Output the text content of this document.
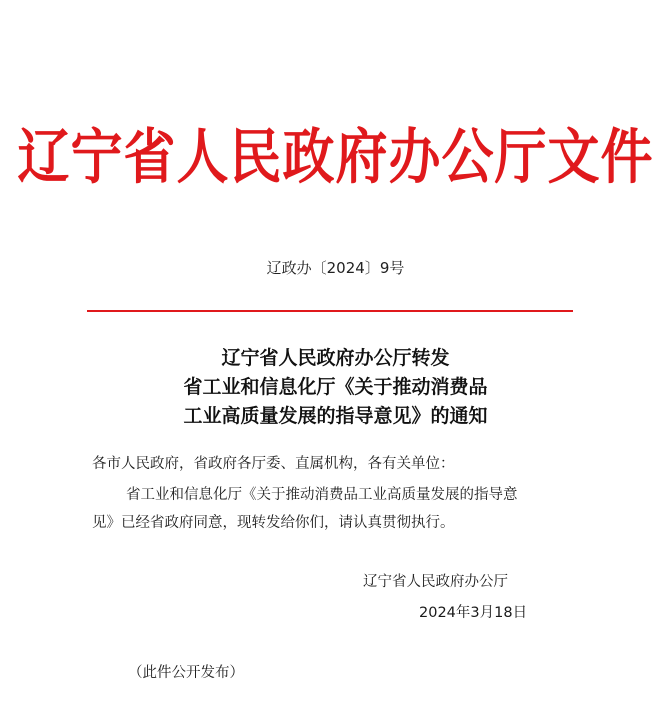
辽宁省人民政府办公厅文件
辽政办〔2024〕9号
辽宁省人民政府办公厅转发
省工业和信息化厅《关于推动消费品
工业高质量发展的指导意见》的通知
各市人民政府，省政府各厅委、直属机构，各有关单位：
省工业和信息化厅《关于推动消费品工业高质量发展的指导意
见》已经省政府同意，现转发给你们，请认真贯彻执行。
辽宁省人民政府办公厅
2024年3月18日
（此件公开发布）
